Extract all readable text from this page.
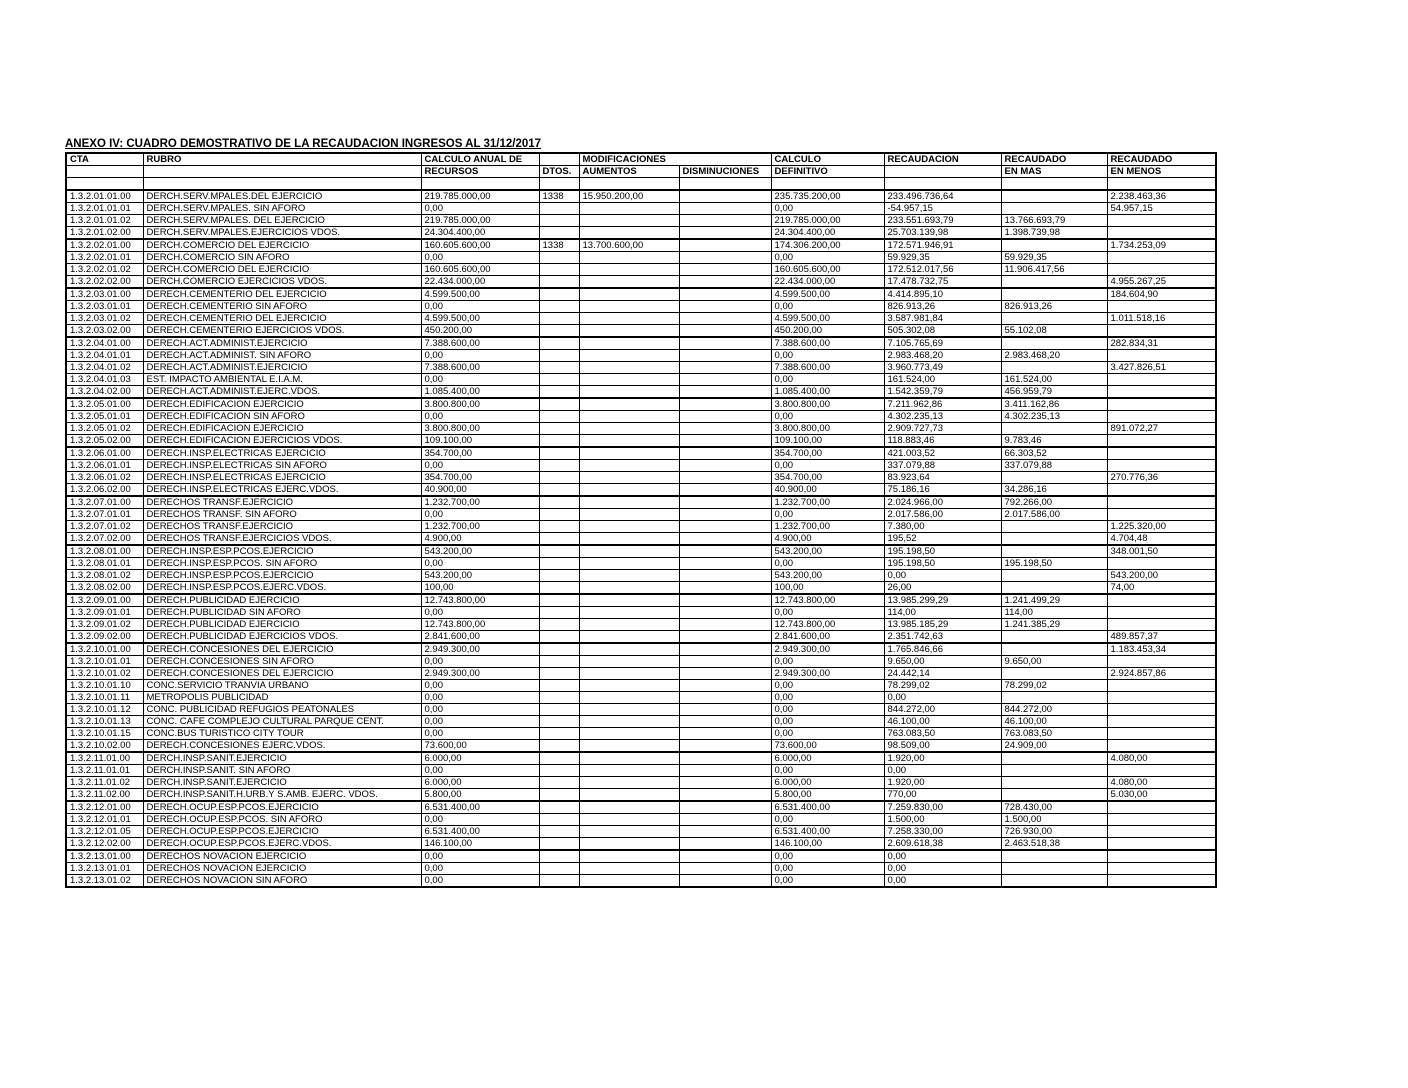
ANEXO IV: CUADRO DEMOSTRATIVO DE LA RECAUDACION INGRESOS AL 31/12/2017
CTA	RUBRO	CALCULO ANUAL DE		MODIFICACIONES		CALCULO	RECAUDACION	RECAUDADO	RECAUDADO
		RECURSOS	DTOS.	AUMENTOS	DISMINUCIONES	DEFINITIVO		EN MAS	EN MENOS

1.3.2.01.01.00	DERCH.SERV.MPALES.DEL EJERCICIO	219.785.000,00	1338	15.950.200,00		235.735.200,00	233.496.736,64		2.238.463,36
1.3.2.01.01.01	DERCH.SERV.MPALES. SIN AFORO	0,00				0,00	-54.957,15		54.957,15
1.3.2.01.01.02	DERCH.SERV.MPALES. DEL EJERCICIO	219.785.000,00				219.785.000,00	233.551.693,79	13.766.693,79	
1.3.2.01.02.00	DERCH.SERV.MPALES.EJERCICIOS VDOS.	24.304.400,00				24.304.400,00	25.703.139,98	1.398.739,98	
1.3.2.02.01.00	DERCH.COMERCIO DEL EJERCICIO	160.605.600,00	1338	13.700.600,00		174.306.200,00	172.571.946,91		1.734.253,09
1.3.2.02.01.01	DERCH.COMERCIO SIN AFORO	0,00				0,00	59.929,35	59.929,35	
1.3.2.02.01.02	DERCH.COMERCIO DEL EJERCICIO	160.605.600,00				160.605.600,00	172.512.017,56	11.906.417,56	
1.3.2.02.02.00	DERCH.COMERCIO EJERCICIOS VDOS.	22.434.000,00				22.434.000,00	17.478.732,75		4.955.267,25
1.3.2.03.01.00	DERECH.CEMENTERIO DEL EJERCICIO	4.599.500,00				4.599.500,00	4.414.895,10		184.604,90
1.3.2.03.01.01	DERECH.CEMENTERIO SIN AFORO	0,00				0,00	826.913,26	826.913,26	
1.3.2.03.01.02	DERECH.CEMENTERIO DEL EJERCICIO	4.599.500,00				4.599.500,00	3.587.981,84		1.011.518,16
1.3.2.03.02.00	DERECH.CEMENTERIO EJERCICIOS VDOS.	450.200,00				450.200,00	505.302,08	55.102,08	
1.3.2.04.01.00	DERECH.ACT.ADMINIST.EJERCICIO	7.388.600,00				7.388.600,00	7.105.765,69		282.834,31
1.3.2.04.01.01	DERECH.ACT.ADMINIST. SIN AFORO	0,00				0,00	2.983.468,20	2.983.468,20	
1.3.2.04.01.02	DERECH.ACT.ADMINIST.EJERCICIO	7.388.600,00				7.388.600,00	3.960.773,49		3.427.826,51
1.3.2.04.01.03	EST. IMPACTO AMBIENTAL E.I.A.M.	0,00				0,00	161.524,00	161.524,00	
1.3.2.04.02.00	DERECH.ACT.ADMINIST.EJERC.VDOS.	1.085.400,00				1.085.400,00	1.542.359,79	456.959,79	
1.3.2.05.01.00	DERECH.EDIFICACION EJERCICIO	3.800.800,00				3.800.800,00	7.211.962,86	3.411.162,86	
1.3.2.05.01.01	DERECH.EDIFICACION SIN AFORO	0,00				0,00	4.302.235,13	4.302.235,13	
1.3.2.05.01.02	DERECH.EDIFICACION EJERCICIO	3.800.800,00				3.800.800,00	2.909.727,73		891.072,27
1.3.2.05.02.00	DERECH.EDIFICACION EJERCICIOS VDOS.	109.100,00				109.100,00	118.883,46	9.783,46	
1.3.2.06.01.00	DERECH.INSP.ELECTRICAS EJERCICIO	354.700,00				354.700,00	421.003,52	66.303,52	
1.3.2.06.01.01	DERECH.INSP.ELECTRICAS SIN AFORO	0,00				0,00	337.079,88	337.079,88	
1.3.2.06.01.02	DERECH.INSP.ELECTRICAS EJERCICIO	354.700,00				354.700,00	83.923,64		270.776,36
1.3.2.06.02.00	DERECH.INSP.ELECTRICAS EJERC.VDOS.	40.900,00				40.900,00	75.186,16	34.286,16	
1.3.2.07.01.00	DERECHOS TRANSF.EJERCICIO	1.232.700,00				1.232.700,00	2.024.966,00	792.266,00	
1.3.2.07.01.01	DERECHOS TRANSF. SIN AFORO	0,00				0,00	2.017.586,00	2.017.586,00	
1.3.2.07.01.02	DERECHOS TRANSF.EJERCICIO	1.232.700,00				1.232.700,00	7.380,00		1.225.320,00
1.3.2.07.02.00	DERECHOS TRANSF.EJERCICIOS VDOS.	4.900,00				4.900,00	195,52		4.704,48
1.3.2.08.01.00	DERECH.INSP.ESP.PCOS.EJERCICIO	543.200,00				543.200,00	195.198,50		348.001,50
1.3.2.08.01.01	DERECH.INSP.ESP.PCOS. SIN AFORO	0,00				0,00	195.198,50	195.198,50	
1.3.2.08.01.02	DERECH.INSP.ESP.PCOS.EJERCICIO	543.200,00				543.200,00	0,00		543.200,00
1.3.2.08.02.00	DERECH.INSP.ESP.PCOS.EJERC.VDOS.	100,00				100,00	26,00		74,00
1.3.2.09.01.00	DERECH.PUBLICIDAD EJERCICIO	12.743.800,00				12.743.800,00	13.985.299,29	1.241.499,29	
1.3.2.09.01.01	DERECH.PUBLICIDAD SIN AFORO	0,00				0,00	114,00	114,00	
1.3.2.09.01.02	DERECH.PUBLICIDAD EJERCICIO	12.743.800,00				12.743.800,00	13.985.185,29	1.241.385,29	
1.3.2.09.02.00	DERECH.PUBLICIDAD EJERCICIOS VDOS.	2.841.600,00				2.841.600,00	2.351.742,63		489.857,37
1.3.2.10.01.00	DERECH.CONCESIONES DEL EJERCICIO	2.949.300,00				2.949.300,00	1.765.846,66		1.183.453,34
1.3.2.10.01.01	DERECH.CONCESIONES SIN AFORO	0,00				0,00	9.650,00	9.650,00	
1.3.2.10.01.02	DERECH.CONCESIONES DEL EJERCICIO	2.949.300,00				2.949.300,00	24.442,14		2.924.857,86
1.3.2.10.01.10	CONC.SERVICIO TRANVIA URBANO	0,00				0,00	78.299,02	78.299,02	
1.3.2.10.01.11	METROPOLIS PUBLICIDAD	0,00				0,00	0,00		
1.3.2.10.01.12	CONC. PUBLICIDAD REFUGIOS PEATONALES	0,00				0,00	844.272,00	844.272,00	
1.3.2.10.01.13	CONC. CAFE COMPLEJO CULTURAL PARQUE CENT.	0,00				0,00	46.100,00	46.100,00	
1.3.2.10.01.15	CONC.BUS TURISTICO CITY TOUR	0,00				0,00	763.083,50	763.083,50	
1.3.2.10.02.00	DERECH.CONCESIONES EJERC.VDOS.	73.600,00				73.600,00	98.509,00	24.909,00	
1.3.2.11.01.00	DERCH.INSP.SANIT.EJERCICIO	6.000,00				6.000,00	1.920,00		4.080,00
1.3.2.11.01.01	DERCH.INSP.SANIT. SIN AFORO	0,00				0,00	0,00		
1.3.2.11.01.02	DERCH.INSP.SANIT.EJERCICIO	6.000,00				6.000,00	1.920,00		4.080,00
1.3.2.11.02.00	DERCH.INSP.SANIT.H.URB.Y S.AMB. EJERC. VDOS.	5.800,00				5.800,00	770,00		5.030,00
1.3.2.12.01.00	DERECH.OCUP.ESP.PCOS.EJERCICIO	6.531.400,00				6.531.400,00	7.259.830,00	728.430,00	
1.3.2.12.01.01	DERECH.OCUP.ESP.PCOS. SIN AFORO	0,00				0,00	1.500,00	1.500,00	
1.3.2.12.01.05	DERECH.OCUP.ESP.PCOS.EJERCICIO	6.531.400,00				6.531.400,00	7.258.330,00	726.930,00	
1.3.2.12.02.00	DERECH.OCUP.ESP.PCOS.EJERC.VDOS.	146.100,00				146.100,00	2.609.618,38	2.463.518,38	
1.3.2.13.01.00	DERECHOS NOVACION EJERCICIO	0,00				0,00	0,00		
1.3.2.13.01.01	DERECHOS NOVACION EJERCICIO	0,00				0,00	0,00		
1.3.2.13.01.02	DERECHOS NOVACION SIN AFORO	0,00				0,00	0,00		
